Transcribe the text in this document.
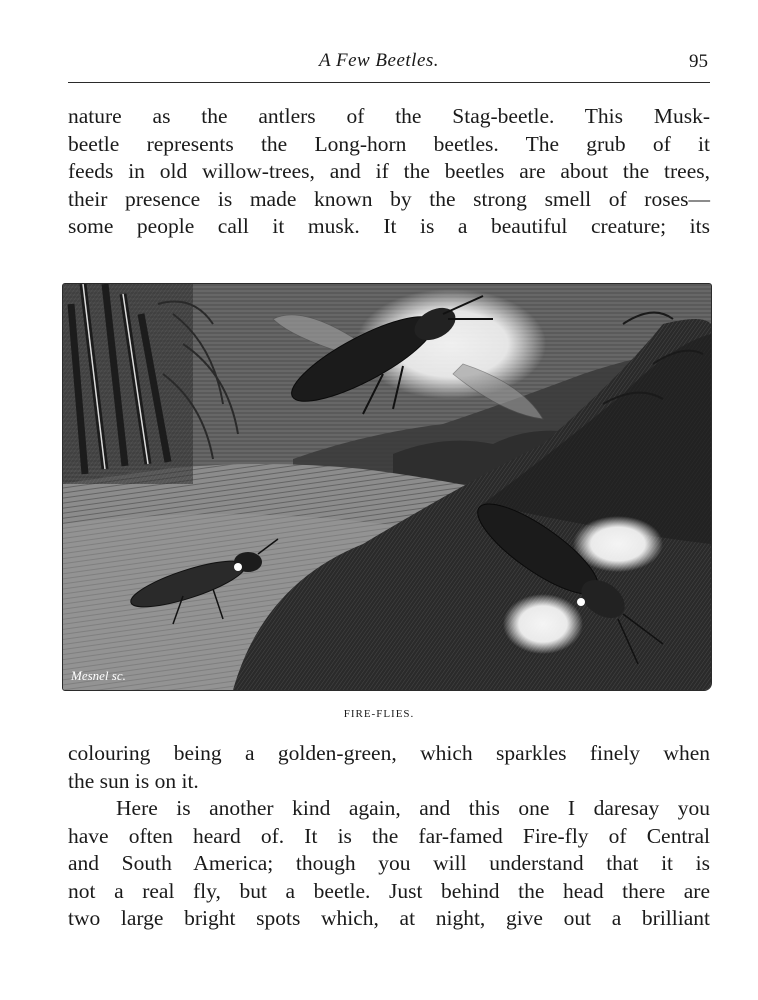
A Few Beetles.	95
nature as the antlers of the Stag-beetle. This Musk-
beetle represents the Long-horn beetles. The grub of it
feeds in old willow-trees, and if the beetles are about the trees,
their presence is made known by the strong smell of roses—
some people call it musk. It is a beautiful creature; its
Mesnel sc.
FIRE-FLIES.
colouring being a golden-green, which sparkles finely when
the sun is on it.
Here is another kind again, and this one I daresay you
have often heard of. It is the far-famed Fire-fly of Central
and South America; though you will understand that it is
not a real fly, but a beetle. Just behind the head there are
two large bright spots which, at night, give out a brilliant
